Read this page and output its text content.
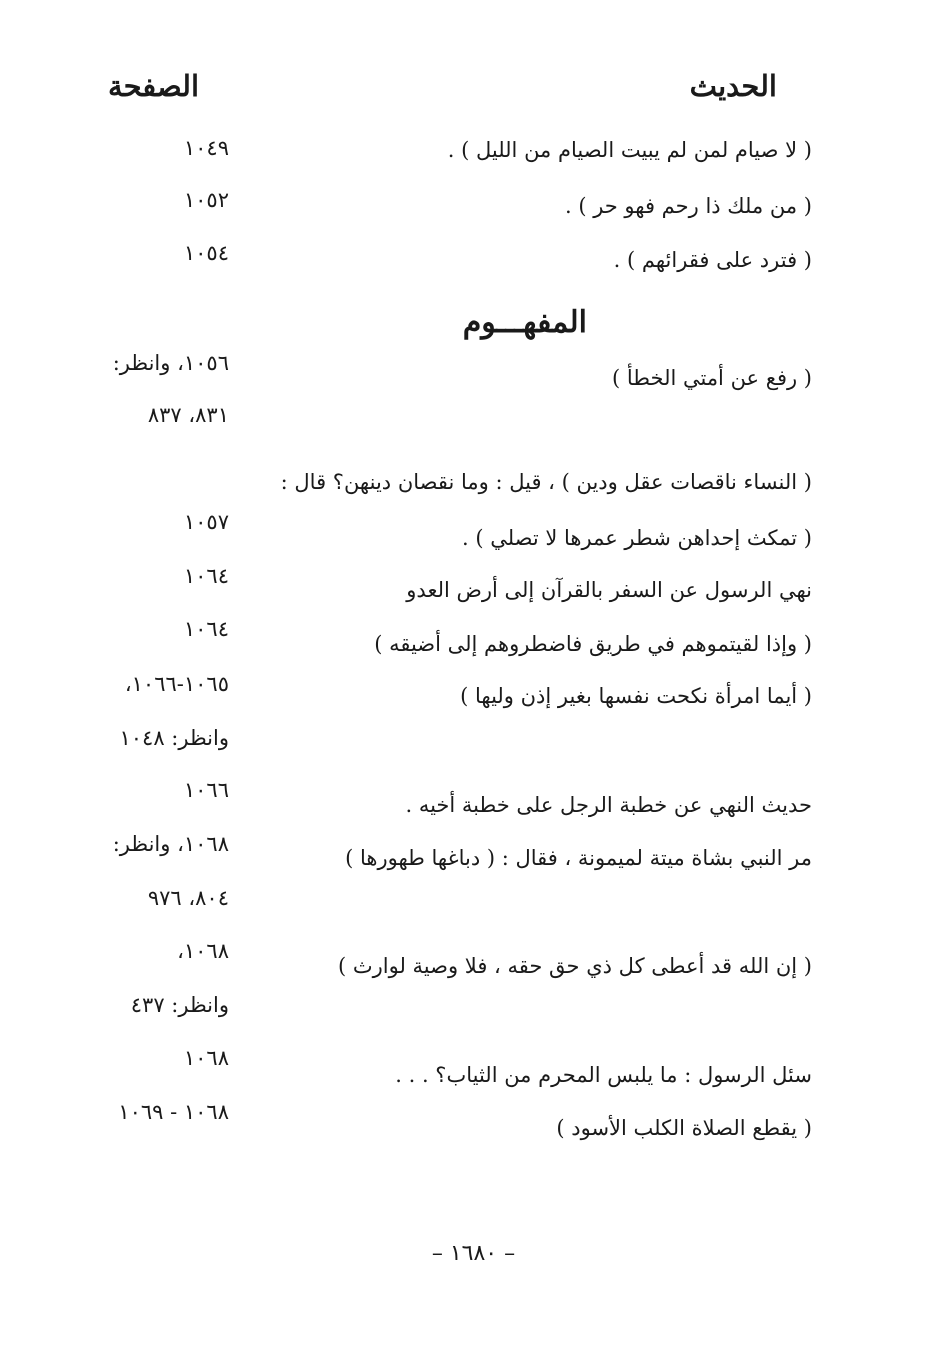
الحديث
الصفحة
( لا صيام لمن لم يبيت الصيام من الليل ) .
١٠٤٩
( من ملك ذا رحم فهو حر ) .
١٠٥٢
( فترد على فقرائهم ) .
١٠٥٤
المفهـــوم
( رفع عن أمتي الخطأ )
١٠٥٦، وانظر:
٨٣١، ٨٣٧
( النساء ناقصات عقل ودين ) ، قيل : وما نقصان دينهن؟ قال :
( تمكث إحداهن شطر عمرها لا تصلي ) .
١٠٥٧
نهي الرسول عن السفر بالقرآن إلى أرض العدو
١٠٦٤
( وإذا لقيتموهم في طريق فاضطروهم إلى أضيقه )
١٠٦٤
( أيما امرأة نكحت نفسها بغير إذن وليها )
١٠٦٥-١٠٦٦،
وانظر: ١٠٤٨
حديث النهي عن خطبة الرجل على خطبة أخيه .
١٠٦٦
مر النبي بشاة ميتة لميمونة ، فقال : ( دباغها طهورها )
١٠٦٨، وانظر:
٨٠٤، ٩٧٦
( إن الله قد أعطى كل ذي حق حقه ، فلا وصية لوارث )
١٠٦٨،
وانظر: ٤٣٧
سئل الرسول : ما يلبس المحرم من الثياب؟ . . .
١٠٦٨
( يقطع الصلاة الكلب الأسود )
١٠٦٨ - ١٠٦٩
– ١٦٨٠ –
